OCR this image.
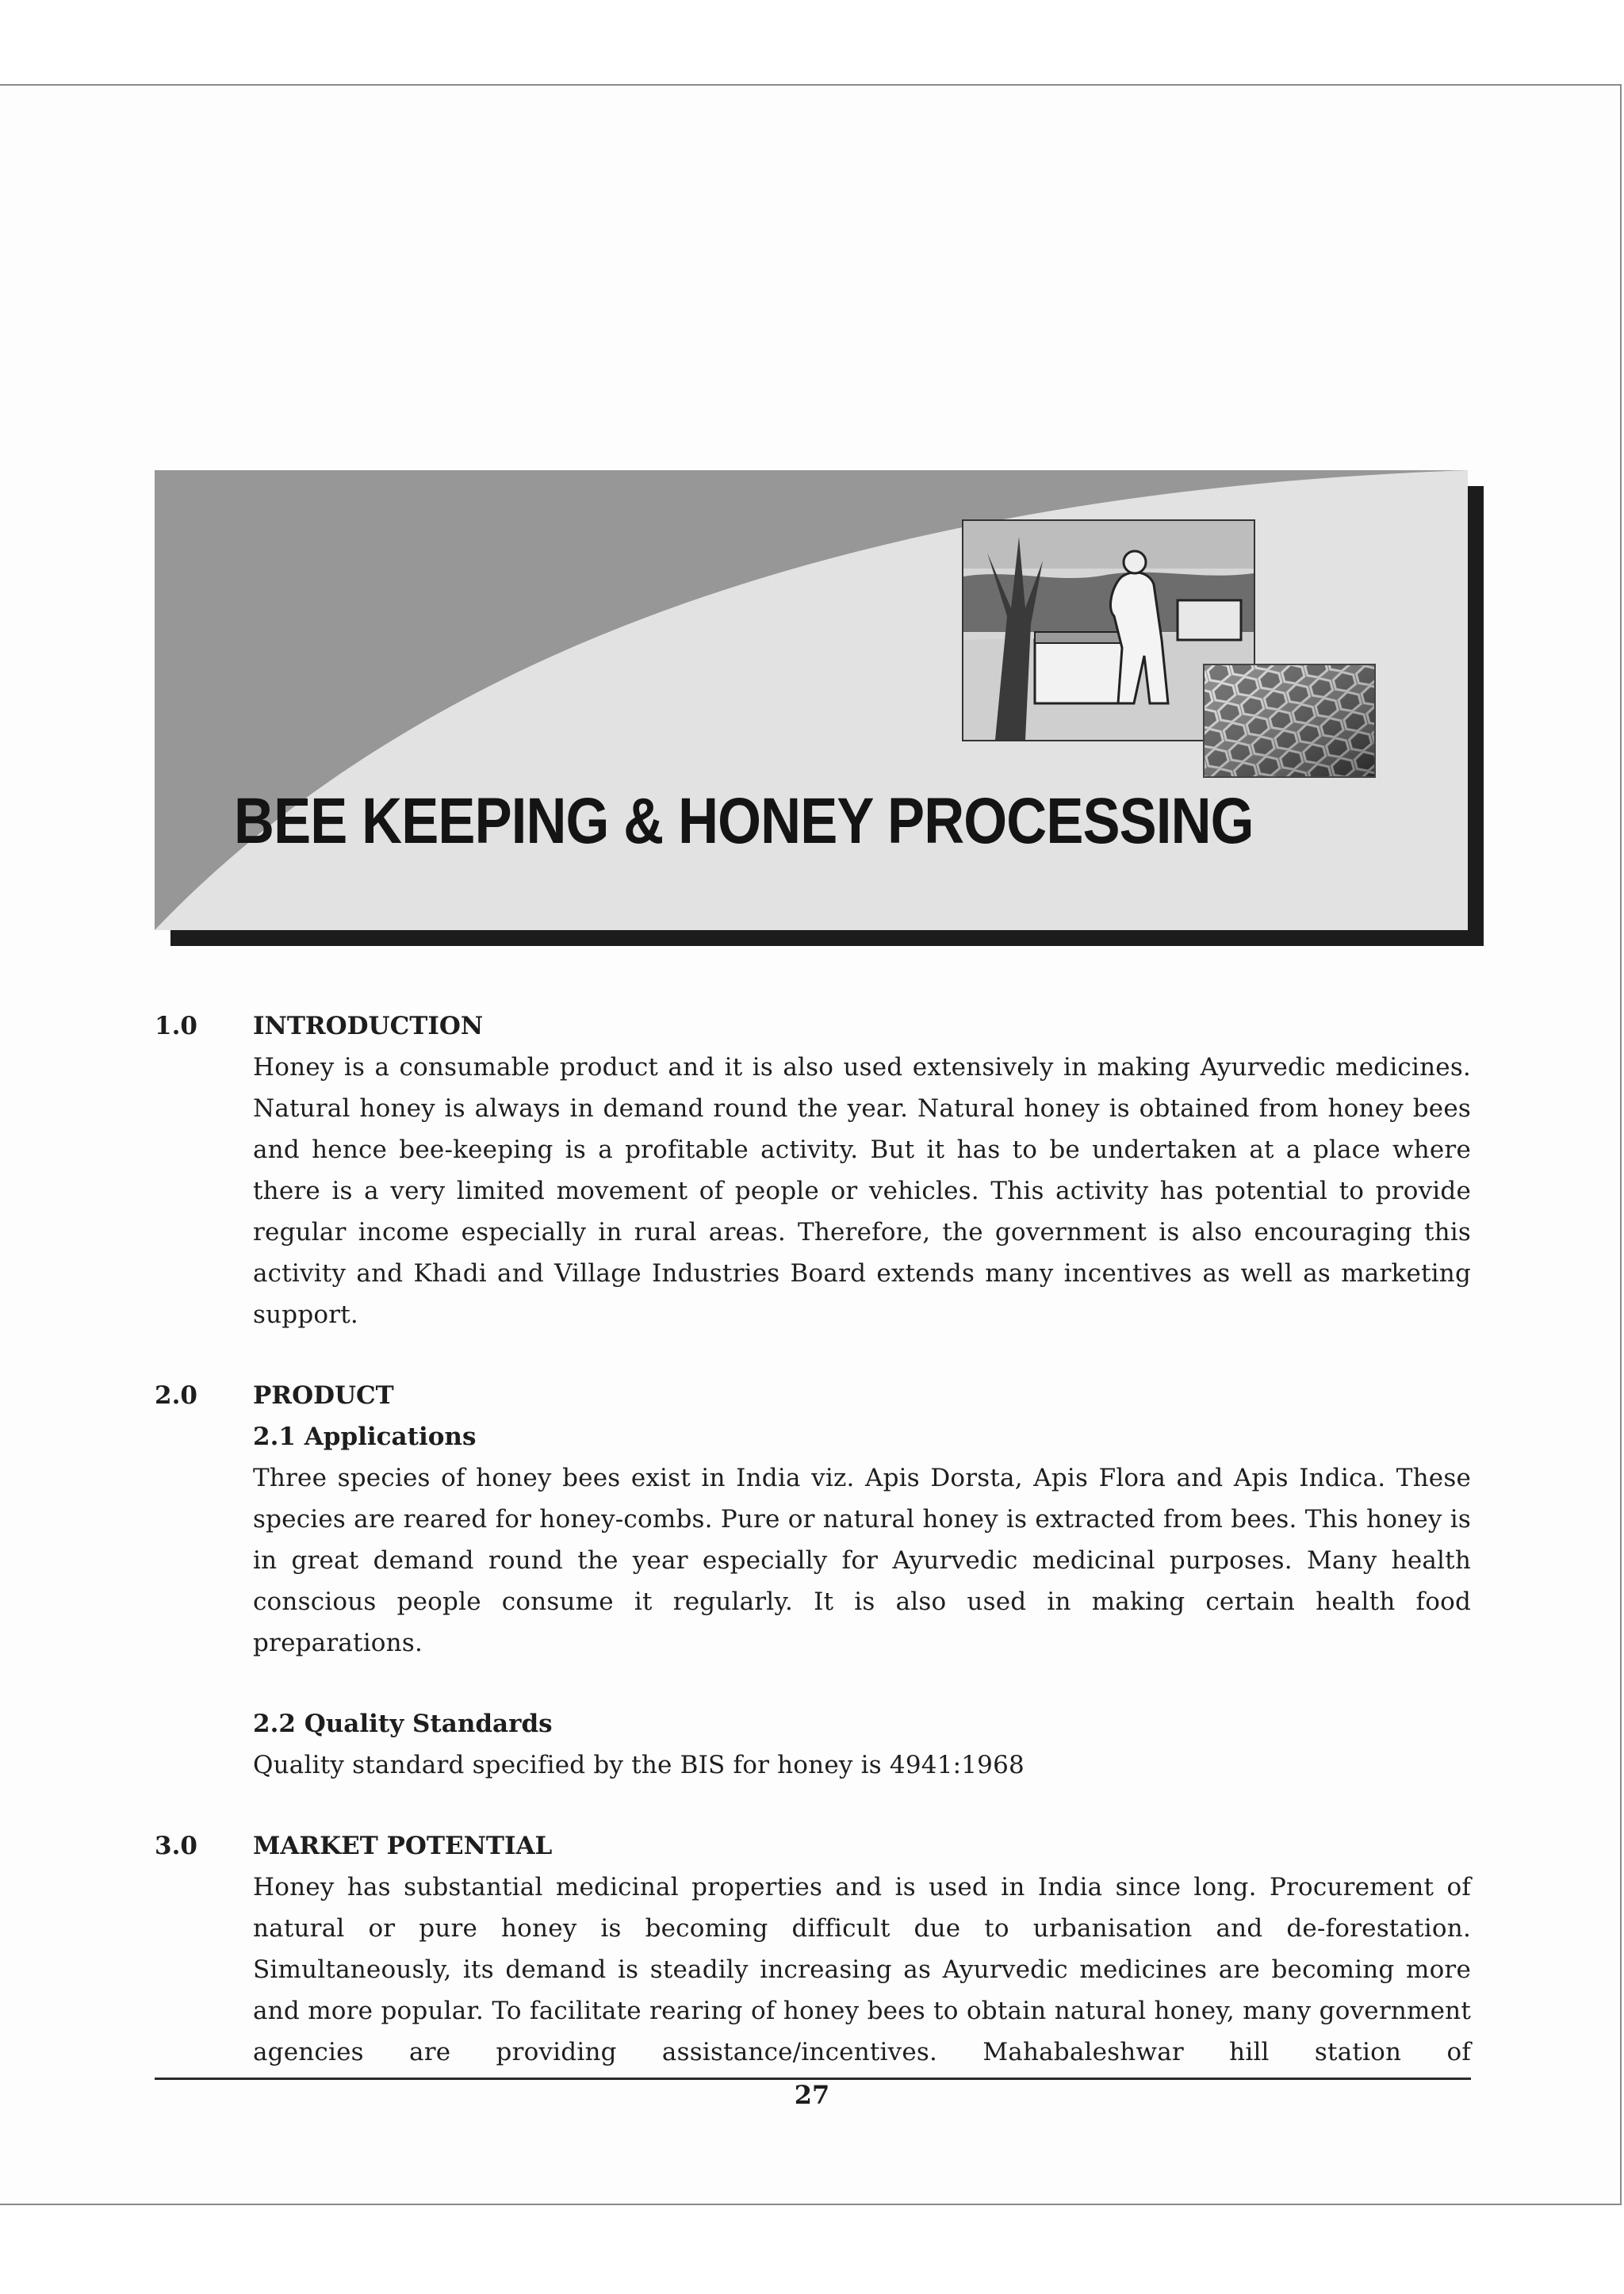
BEE KEEPING & HONEY PROCESSING
1.0 INTRODUCTION

Honey is a consumable product and it is also used extensively in making Ayurvedic medicines. Natural honey is always in demand round the year. Natural honey is obtained from honey bees and hence bee-keeping is a profitable activity. But it has to be undertaken at a place where there is a very limited movement of people or vehicles. This activity has potential to provide regular income especially in rural areas. Therefore, the government is also encouraging this activity and Khadi and Village Industries Board extends many incentives as well as marketing support.

2.0 PRODUCT
2.1 Applications

Three species of honey bees exist in India viz. Apis Dorsta, Apis Flora and Apis Indica. These species are reared for honey-combs. Pure or natural honey is extracted from bees. This honey is in great demand round the year especially for Ayurvedic medicinal purposes. Many health conscious people consume it regularly. It is also used in making certain health food preparations.

2.2 Quality Standards

Quality standard specified by the BIS for honey is 4941:1968

3.0 MARKET POTENTIAL

Honey has substantial medicinal properties and is used in India since long. Procurement of natural or pure honey is becoming difficult due to urbanisation and de-forestation. Simultaneously, its demand is steadily increasing as Ayurvedic medicines are becoming more and more popular. To facilitate rearing of honey bees to obtain natural honey, many government agencies are providing assistance/incentives. Mahabaleshwar hill station of

27
